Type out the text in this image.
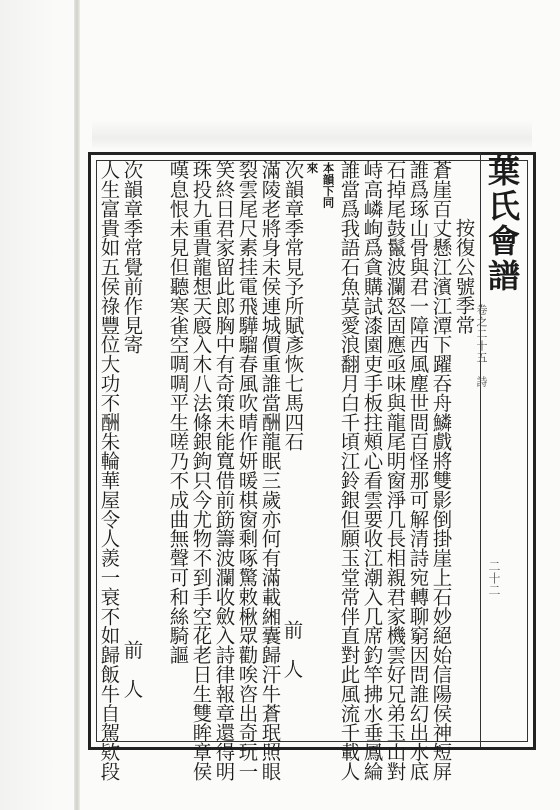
葉氏會譜
卷之二十五　詩
二十二
按復公號季常
蒼崖百丈懸江濱江潭下躍吞舟鱗戲將雙影倒掛崖上石妙絕始信陽侯神短屏
誰爲琢山骨與君一障西風塵世間百怪那可解清詩宛轉聊窮因問誰幻出水底
石掉尾鼓鬣波瀾怒固應亟味與龍尾明窗淨几長相親君家機雲好兄弟玉山對
峙高嶙峋爲貪購試漆園吏手板拄頰心看雲要收江潮入几席釣竿拂水垂鳳綸
誰當爲我語石魚莫愛浪翻月白千頃江鈴銀但願玉堂常伴直對此風流千載人
本韻下同
來
次韻章季常見予所賦彥恢七馬四石
前　人
滿陵老將身未侯連城價重誰當酬龍眠三歲亦何有滿載緗囊歸汗牛蒼珉照眼
裂雲尾尺素挂電飛驊騮春風吹晴作妍暖棋窗剩啄驚敕楸眾勸唉咨出奇玩一
笑終日君家留此郎胸中有奇策未能寬借前筯籌波瀾收斂入詩律報章還得明
珠投九重貴龍想天廏入木八法條銀鉤只今尤物不到手空花老日生雙眸章侯
嘆息恨未見但聽寒雀空啁啁平生嗟乃不成曲無聲可和絲騎謳
次韻章季常覺前作見寄
前　人
人生富貴如五侯祿豐位大功不酬朱輪華屋令人羨一衰不如歸飯牛自駕欵段
